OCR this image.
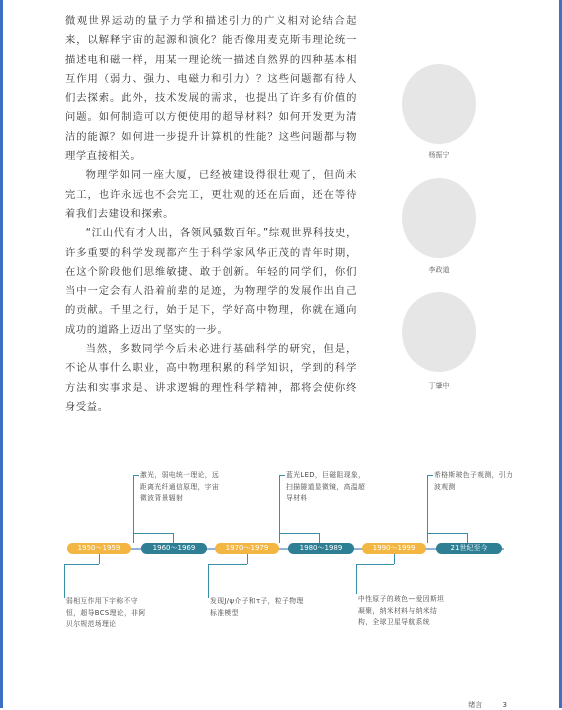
微观世界运动的量子力学和描述引力的广义相对论结合起来，以解释宇宙的起源和演化？能否像用麦克斯韦理论统一描述电和磁一样，用某一理论统一描述自然界的四种基本相互作用（弱力、强力、电磁力和引力）？这些问题都有待人们去探索。此外，技术发展的需求，也提出了许多有价值的问题。如何制造可以方便使用的超导材料？如何开发更为清洁的能源？如何进一步提升计算机的性能？这些问题都与物理学直接相关。

物理学如同一座大厦，已经被建设得很壮观了，但尚未完工，也许永远也不会完工，更壮观的还在后面，还在等待着我们去建设和探索。

“江山代有才人出，各领风骚数百年。”综观世界科技史，许多重要的科学发现都产生于科学家风华正茂的青年时期，在这个阶段他们思维敏捷、敢于创新。年轻的同学们，你们当中一定会有人沿着前辈的足迹，为物理学的发展作出自己的贡献。千里之行，始于足下，学好高中物理，你就在通向成功的道路上迈出了坚实的一步。

当然，多数同学今后未必进行基础科学的研究，但是，不论从事什么职业，高中物理积累的科学知识，学到的科学方法和实事求是、讲求逻辑的理性科学精神，都将会使你终身受益。

杨振宁
李政道
丁肇中
1950～1959	1960～1969	1970～1979	1980～1989	1990～1999	21世纪至今
激光，弱电统一理论，远距离光纤通信原理，宇宙微波背景辐射
蓝光LED，巨磁阻现象，扫描隧道显微镜，高温超导材料
希格斯玻色子观测，引力波观测
弱相互作用下宇称不守恒，超导BCS理论，非阿贝尔规范场理论
发现J/ψ介子和τ子，粒子物理标准模型
中性原子的玻色—爱因斯坦凝聚，纳米材料与纳米结构，全球卫星导航系统
绪言	3
